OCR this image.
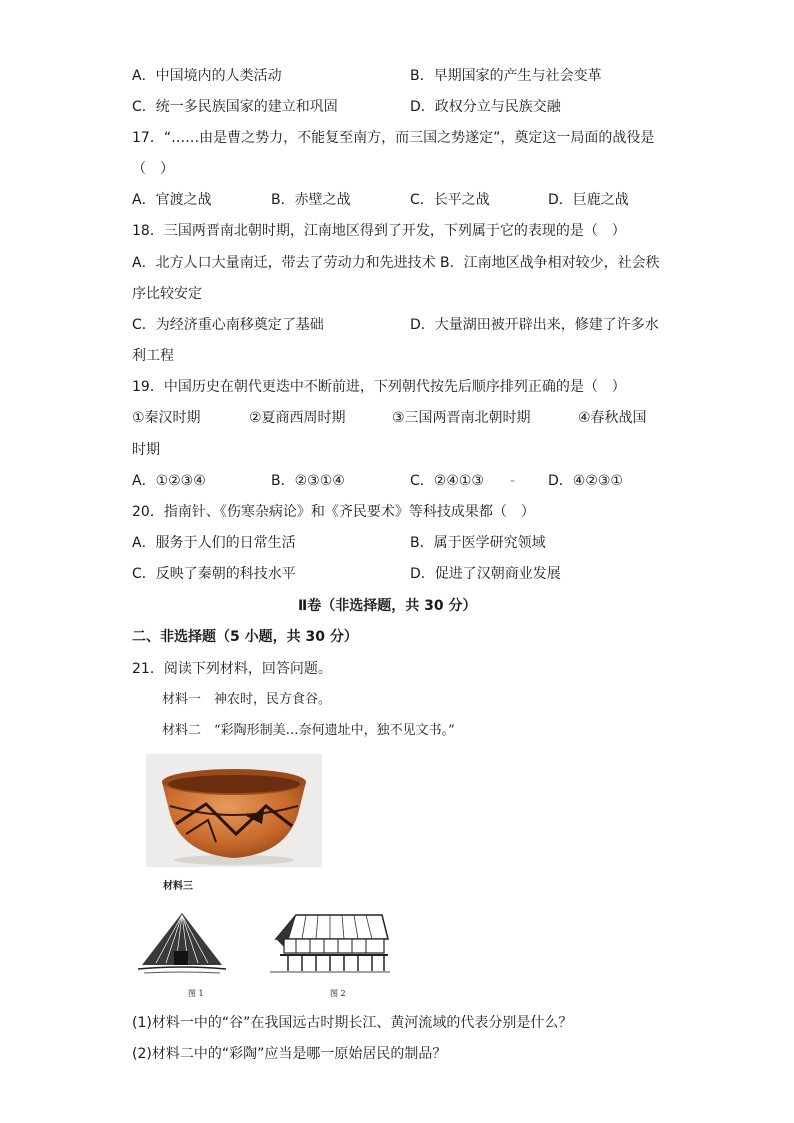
A．中国境内的人类活动	B．早期国家的产生与社会变革
C．统一多民族国家的建立和巩固	D．政权分立与民族交融
17．“……由是曹之势力，不能复至南方，而三国之势遂定”，奠定这一局面的战役是
（　）
A．官渡之战	B．赤壁之战	C．长平之战	D．巨鹿之战
18．三国两晋南北朝时期，江南地区得到了开发，下列属于它的表现的是（　）
A．北方人口大量南迁，带去了劳动力和先进技术 B．江南地区战争相对较少，社会秩
序比较安定
C．为经济重心南移奠定了基础	D．大量湖田被开辟出来，修建了许多水
利工程
19．中国历史在朝代更迭中不断前进，下列朝代按先后顺序排列正确的是（　）
①秦汉时期	②夏商西周时期	③三国两晋南北朝时期	④春秋战国
时期
A．①②③④	B．②③①④	C．②④①③ - D．④②③①
20．指南针、《伤寒杂病论》和《齐民要术》等科技成果都（　）
A．服务于人们的日常生活	B．属于医学研究领域
C．反映了秦朝的科技水平	D．促进了汉朝商业发展
Ⅱ卷（非选择题，共 30 分）
二、非选择题（5 小题，共 30 分）
21．阅读下列材料，回答问题。
材料一　神农时，民方食谷。
材料二　“彩陶形制美…奈何遗址中，独不见文书。”
材料三
图 1	图 2
(1)材料一中的“谷”在我国远古时期长江、黄河流域的代表分别是什么？
(2)材料二中的“彩陶”应当是哪一原始居民的制品？
